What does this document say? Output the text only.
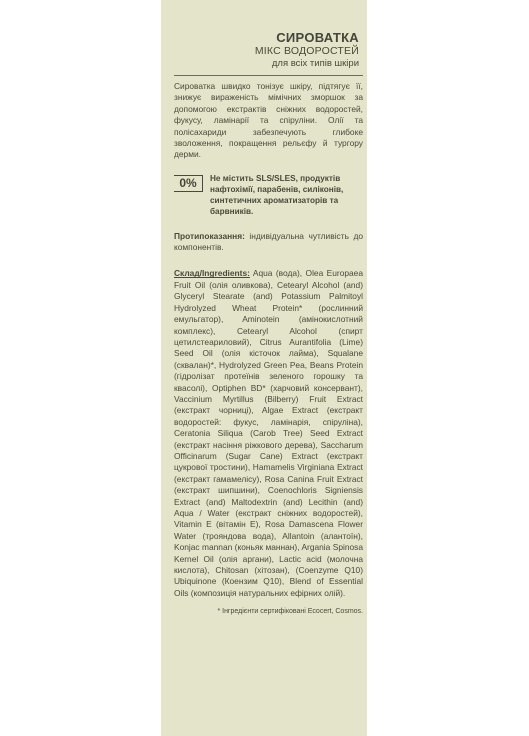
СИРОВАТКА
МІКС ВОДОРОСТЕЙ
для всіх типів шкіри
Сироватка швидко тонізує шкіру, підтягує її, знижує вираженість мімічних зморшок за допомогою екстрактів сніжних водоростей, фукусу, ламінарії та спіруліни. Олії та полісахариди забезпечують глибоке зволоження, покращення рельєфу й тургору дерми.
0%	Не містить SLS/SLES, продуктів нафтохімії, парабенів, силіконів, синтетичних ароматизаторів та барвників.
Протипоказання: індивідуальна чутливість до компонентів.
Склад/Ingredients: Aqua (вода), Olea Europaea Fruit Oil (олія оливкова), Cetearyl Alcohol (and) Glyceryl Stearate (and) Potassium Palmitoyl Hydrolyzed Wheat Protein* (рослинний емульгатор), Aminotein (амінокислотний комплекс), Cetearyl Alcohol (спирт цетилстеариловий), Citrus Aurantifolia (Lime) Seed Oil (олія кісточок лайма), Squalane (сквалан)*, Hydrolyzed Green Pea, Beans Protein (гідролізат протеїнів зеленого горошку та квасолі), Optiphen BD* (харчовий консервант), Vaccinium Myrtillus (Bilberry) Fruit Extract (екстракт чорниці), Algae Extract (екстракт водоростей: фукус, ламінарія, спіруліна), Ceratonia Siliqua (Carob Tree) Seed Extract (екстракт насіння ріжкового дерева), Saccharum Officinarum (Sugar Cane) Extract (екстракт цукрової тростини), Hamamelis Virginiana Extract (екстракт гамамелісу), Rosa Canina Fruit Extract (екстракт шипшини), Coenochloris Signiensis Extract (and) Maltodextrin (and) Lecithin (and) Aqua / Water (екстракт сніжних водоростей), Vitamin E (вітамін Е), Rosa Damascena Flower Water (трояндова вода), Allantoin (алантоїн), Konjac mannan (коньяк маннан), Argania Spinosa Kernel Oil (олія аргани), Lactic acid (молочна кислота), Chitosan (хітозан), (Coenzyme Q10) Ubiquinone (Коензим Q10), Blend of Essential Oils (композиція натуральних ефірних олій).
* Інгредієнти сертифіковані Ecocert, Cosmos.
